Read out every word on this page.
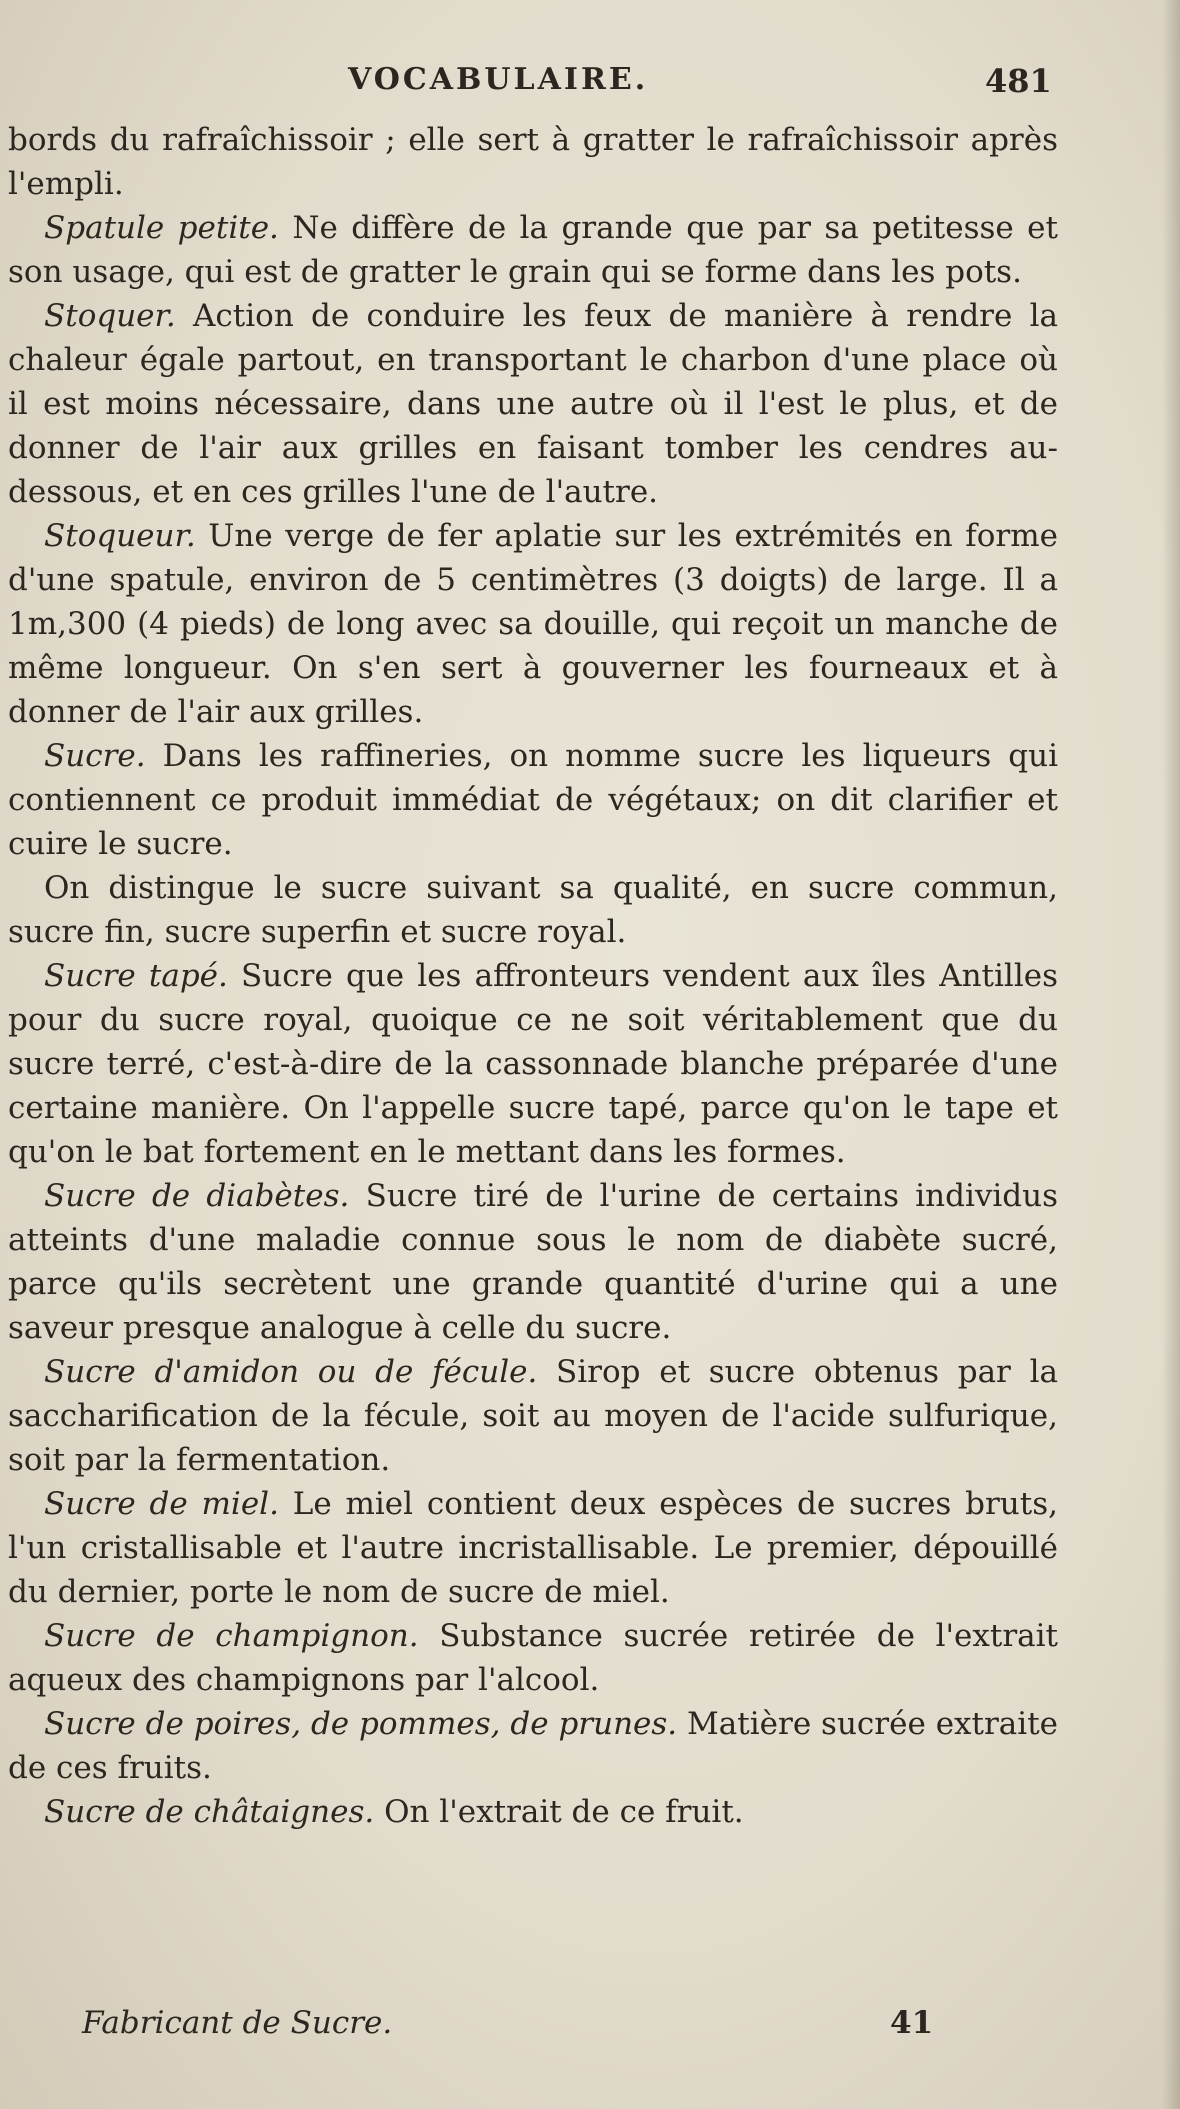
VOCABULAIRE.	481

bords du rafraîchissoir ; elle sert à gratter le rafraîchissoir après l'empli.

Spatule petite. Ne diffère de la grande que par sa petitesse et son usage, qui est de gratter le grain qui se forme dans les pots.

Stoquer. Action de conduire les feux de manière à rendre la chaleur égale partout, en transportant le charbon d'une place où il est moins nécessaire, dans une autre où il l'est le plus, et de donner de l'air aux grilles en faisant tomber les cendres au-dessous, et en ces grilles l'une de l'autre.

Stoqueur. Une verge de fer aplatie sur les extrémités en forme d'une spatule, environ de 5 centimètres (3 doigts) de large. Il a 1m,300 (4 pieds) de long avec sa douille, qui reçoit un manche de même longueur. On s'en sert à gouverner les fourneaux et à donner de l'air aux grilles.

Sucre. Dans les raffineries, on nomme sucre les liqueurs qui contiennent ce produit immédiat de végétaux; on dit clarifier et cuire le sucre.

On distingue le sucre suivant sa qualité, en sucre commun, sucre fin, sucre superfin et sucre royal.

Sucre tapé. Sucre que les affronteurs vendent aux îles Antilles pour du sucre royal, quoique ce ne soit véritablement que du sucre terré, c'est-à-dire de la cassonnade blanche préparée d'une certaine manière. On l'appelle sucre tapé, parce qu'on le tape et qu'on le bat fortement en le mettant dans les formes.

Sucre de diabètes. Sucre tiré de l'urine de certains individus atteints d'une maladie connue sous le nom de diabète sucré, parce qu'ils secrètent une grande quantité d'urine qui a une saveur presque analogue à celle du sucre.

Sucre d'amidon ou de fécule. Sirop et sucre obtenus par la saccharification de la fécule, soit au moyen de l'acide sulfurique, soit par la fermentation.

Sucre de miel. Le miel contient deux espèces de sucres bruts, l'un cristallisable et l'autre incristallisable. Le premier, dépouillé du dernier, porte le nom de sucre de miel.

Sucre de champignon. Substance sucrée retirée de l'extrait aqueux des champignons par l'alcool.

Sucre de poires, de pommes, de prunes. Matière sucrée extraite de ces fruits.

Sucre de châtaignes. On l'extrait de ce fruit.

Fabricant de Sucre.	41
